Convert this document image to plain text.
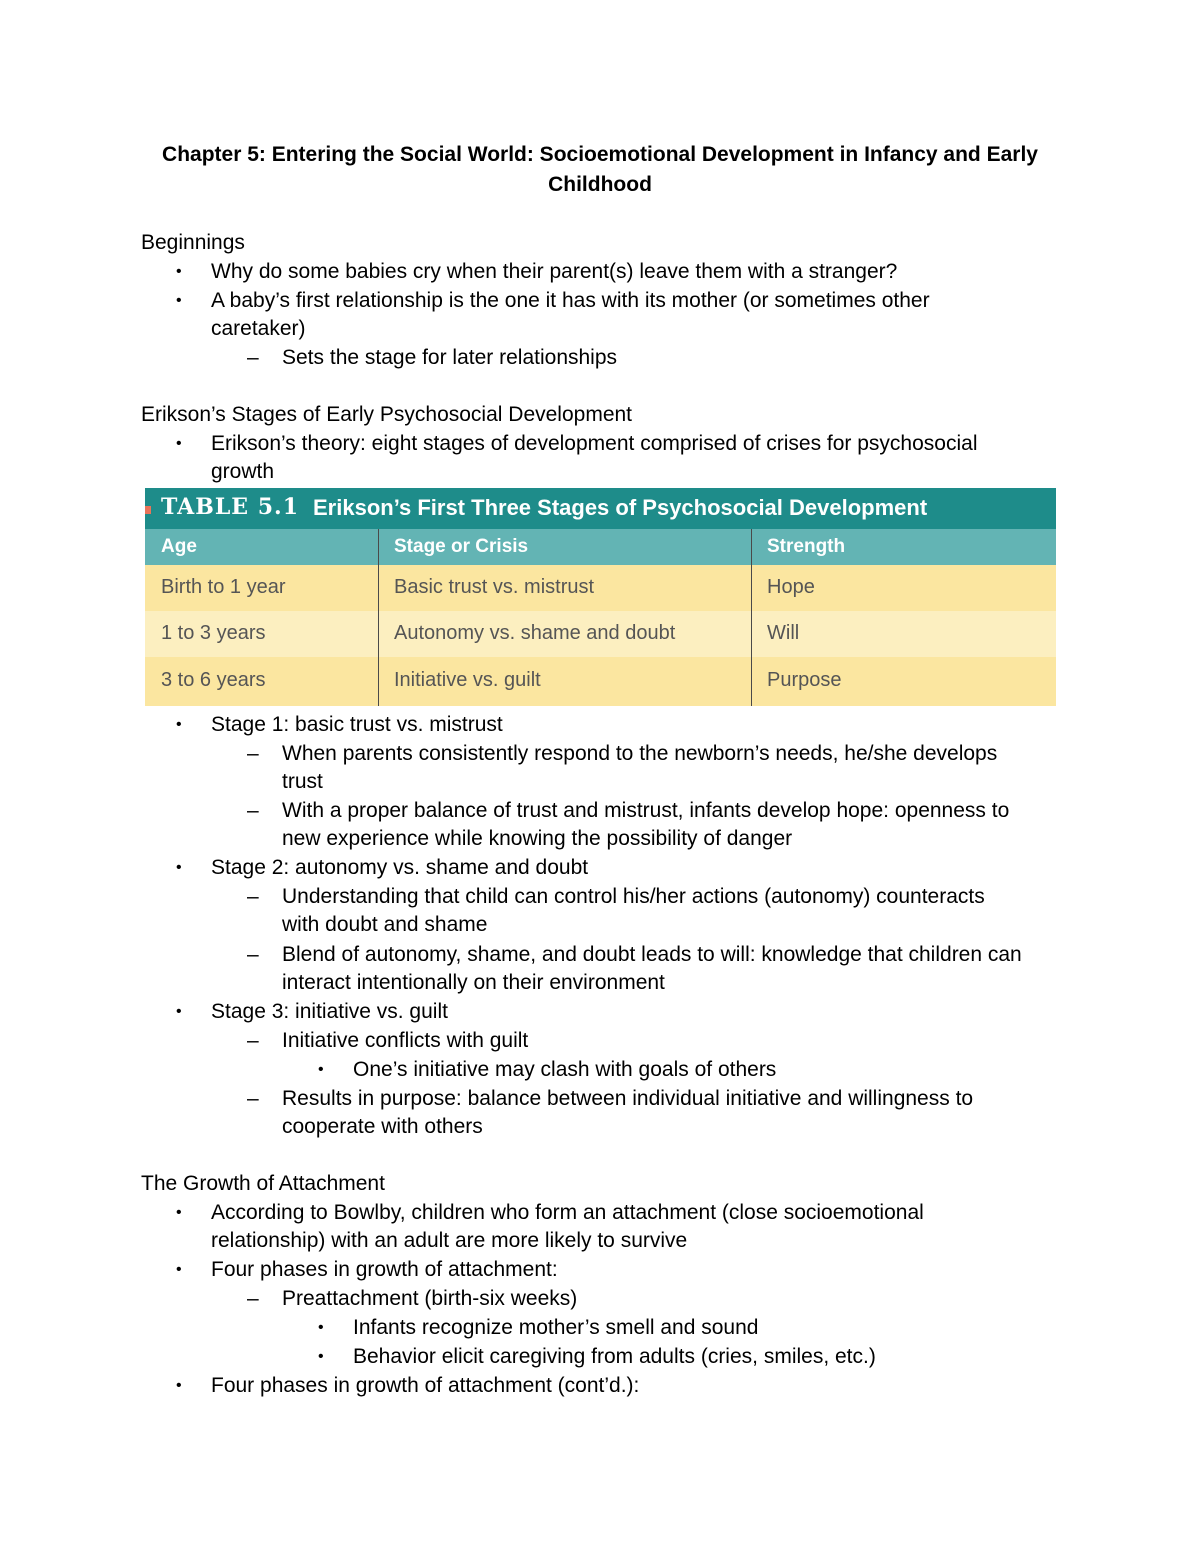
Chapter 5: Entering the Social World: Socioemotional Development in Infancy and Early
Childhood
Beginnings
• Why do some babies cry when their parent(s) leave them with a stranger?
• A baby’s first relationship is the one it has with its mother (or sometimes other
caretaker)
– Sets the stage for later relationships
Erikson’s Stages of Early Psychosocial Development
• Erikson’s theory: eight stages of development comprised of crises for psychosocial
growth
TABLE 5.1 Erikson’s First Three Stages of Psychosocial Development
Age	Stage or Crisis	Strength
Birth to 1 year	Basic trust vs. mistrust	Hope
1 to 3 years	Autonomy vs. shame and doubt	Will
3 to 6 years	Initiative vs. guilt	Purpose
• Stage 1: basic trust vs. mistrust
– When parents consistently respond to the newborn’s needs, he/she develops
trust
– With a proper balance of trust and mistrust, infants develop hope: openness to
new experience while knowing the possibility of danger
• Stage 2: autonomy vs. shame and doubt
– Understanding that child can control his/her actions (autonomy) counteracts
with doubt and shame
– Blend of autonomy, shame, and doubt leads to will: knowledge that children can
interact intentionally on their environment
• Stage 3: initiative vs. guilt
– Initiative conflicts with guilt
• One’s initiative may clash with goals of others
– Results in purpose: balance between individual initiative and willingness to
cooperate with others
The Growth of Attachment
• According to Bowlby, children who form an attachment (close socioemotional
relationship) with an adult are more likely to survive
• Four phases in growth of attachment:
– Preattachment (birth-six weeks)
• Infants recognize mother’s smell and sound
• Behavior elicit caregiving from adults (cries, smiles, etc.)
• Four phases in growth of attachment (cont’d.):
